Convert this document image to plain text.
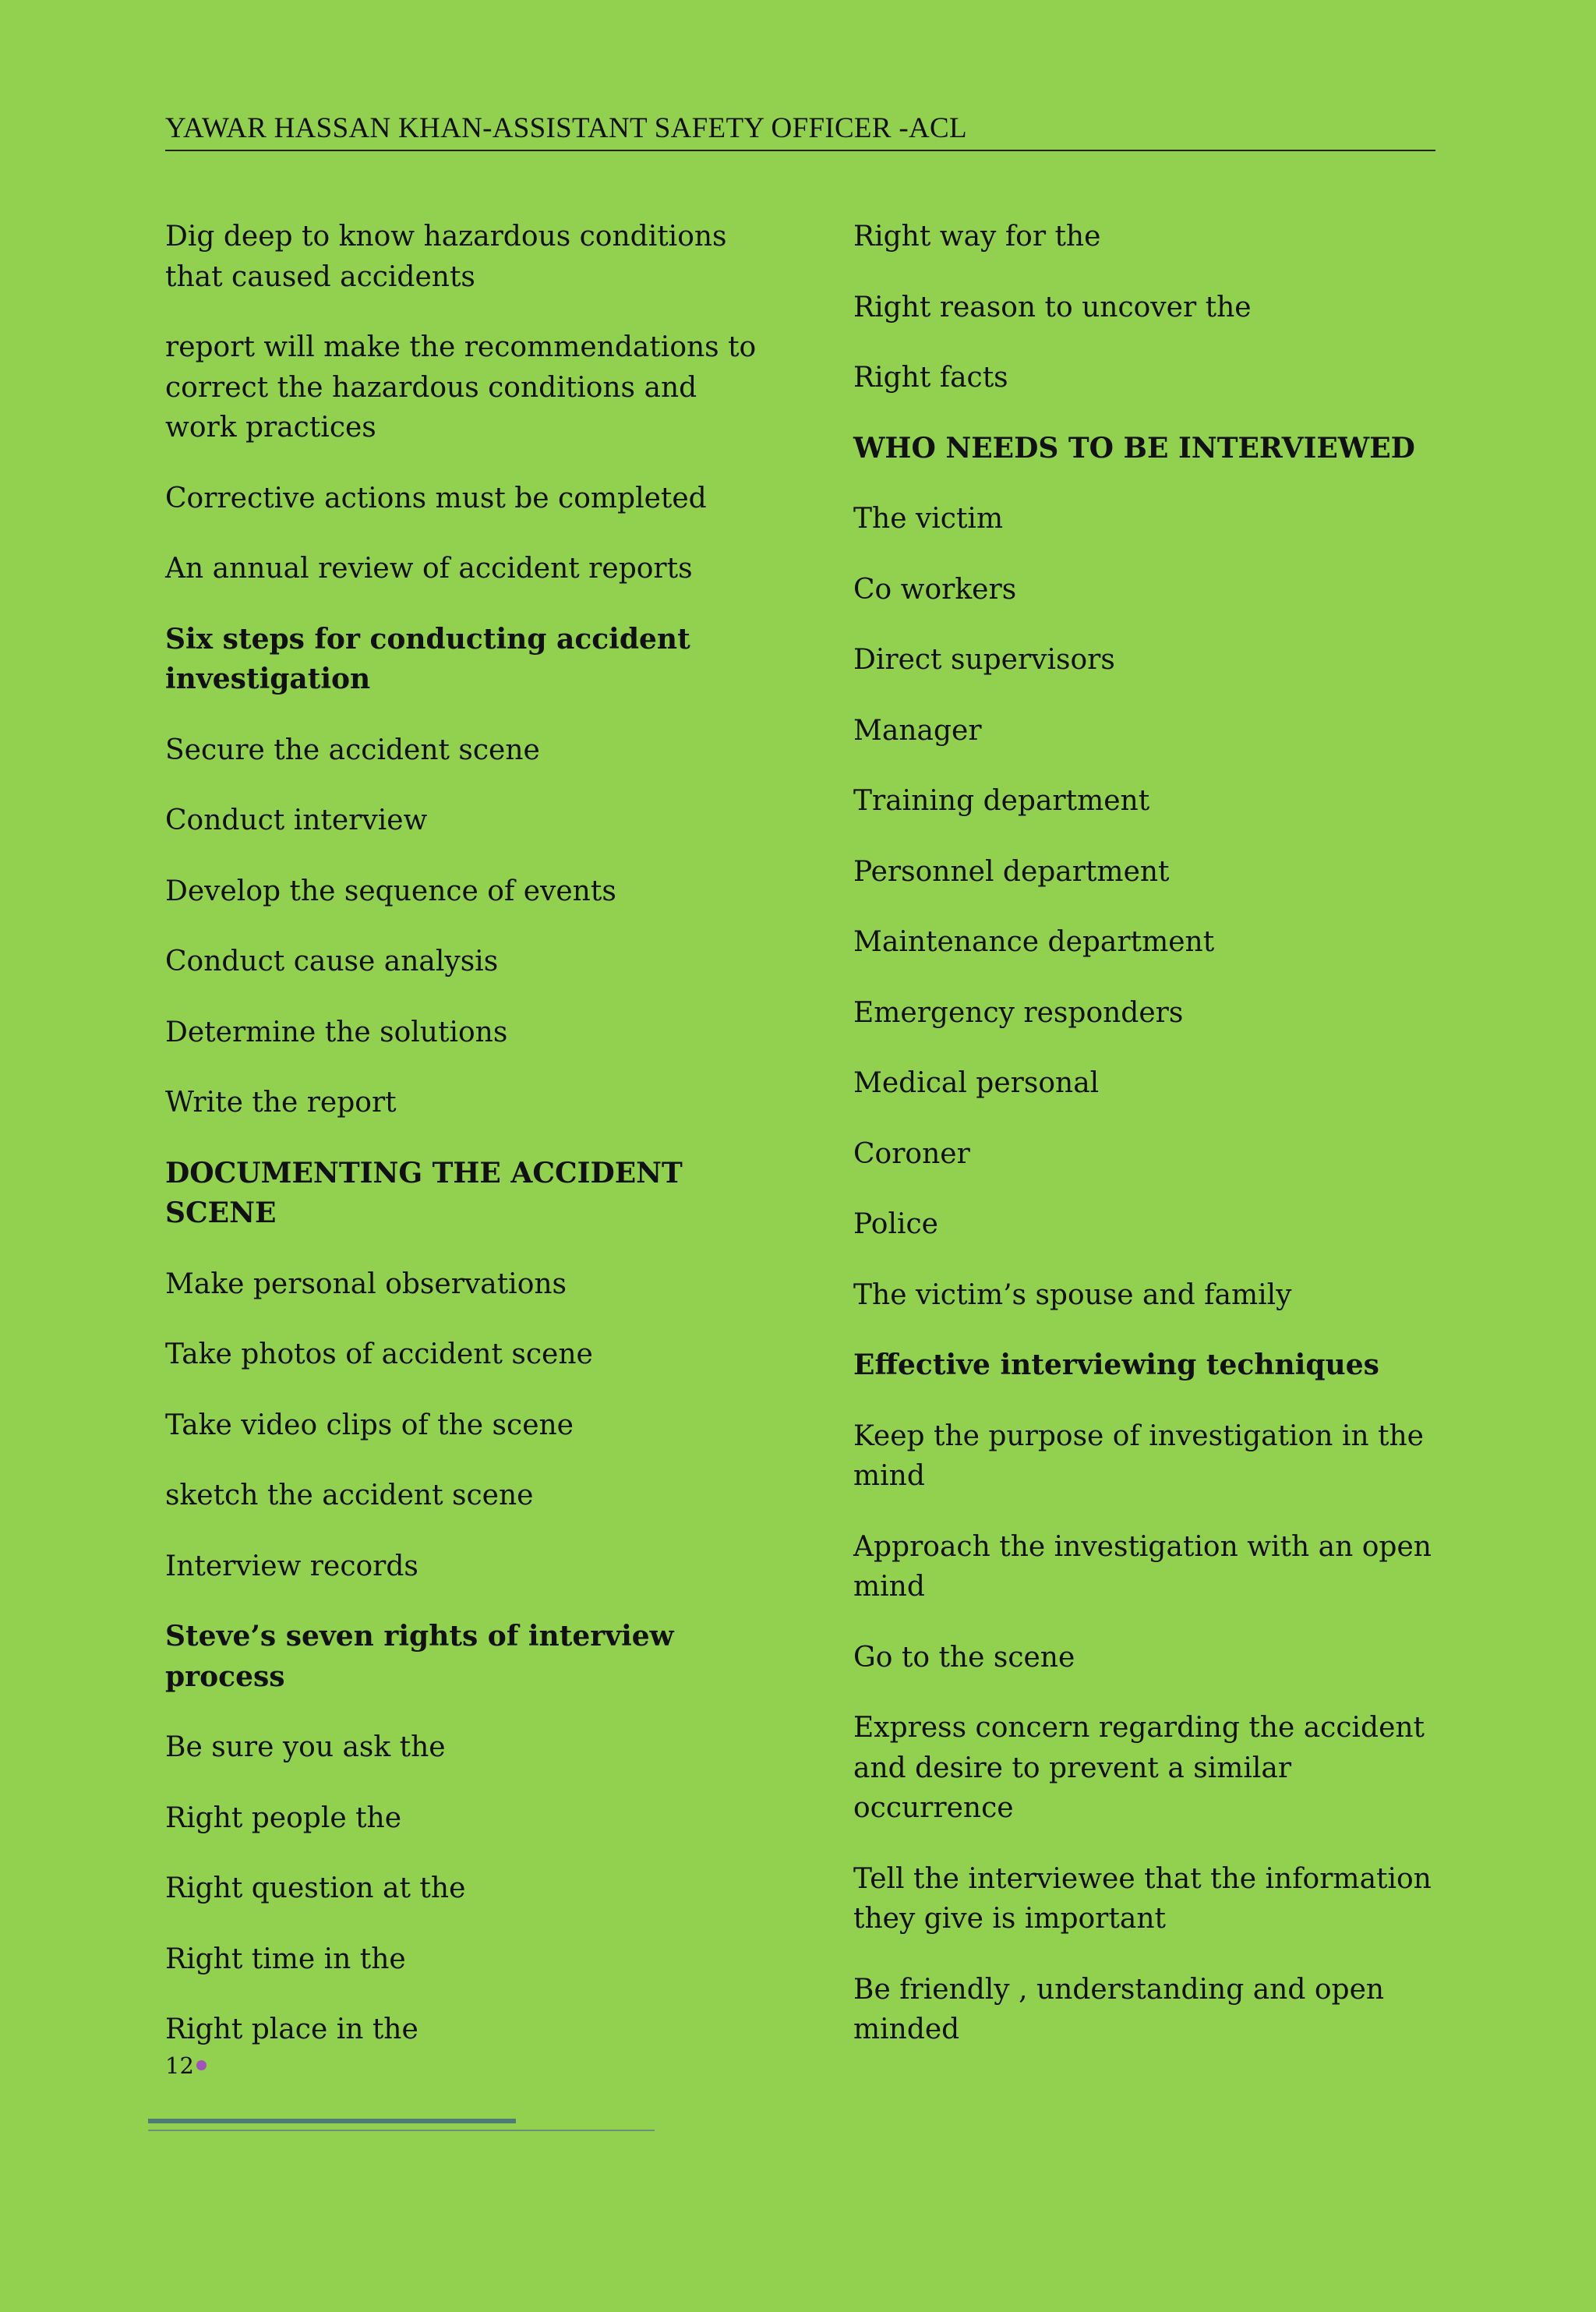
YAWAR HASSAN KHAN-ASSISTANT SAFETY OFFICER -ACL

Dig deep to know hazardous conditions that caused accidents

report will make the recommendations to correct the hazardous conditions and work practices

Corrective actions must be completed

An annual review of accident reports

Six steps for conducting accident investigation

Secure the accident scene

Conduct interview

Develop the sequence of events

Conduct cause analysis

Determine the solutions

Write the report

DOCUMENTING THE ACCIDENT SCENE

Make personal observations

Take photos of accident scene

Take video clips of the scene

sketch the accident scene

Interview records

Steve’s seven rights of interview process

Be sure you ask the

Right people the

Right question at the

Right time in the

Right place in the

Right way for the

Right reason to uncover the

Right facts

WHO NEEDS TO BE INTERVIEWED

The victim

Co workers

Direct supervisors

Manager

Training department

Personnel department

Maintenance department

Emergency responders

Medical personal

Coroner

Police

The victim’s spouse and family

Effective interviewing techniques

Keep the purpose of investigation in the mind

Approach the investigation with an open mind

Go to the scene

Express concern regarding the accident and desire to prevent a similar occurrence

Tell the interviewee that the information they give is important

Be friendly , understanding and open minded

12
